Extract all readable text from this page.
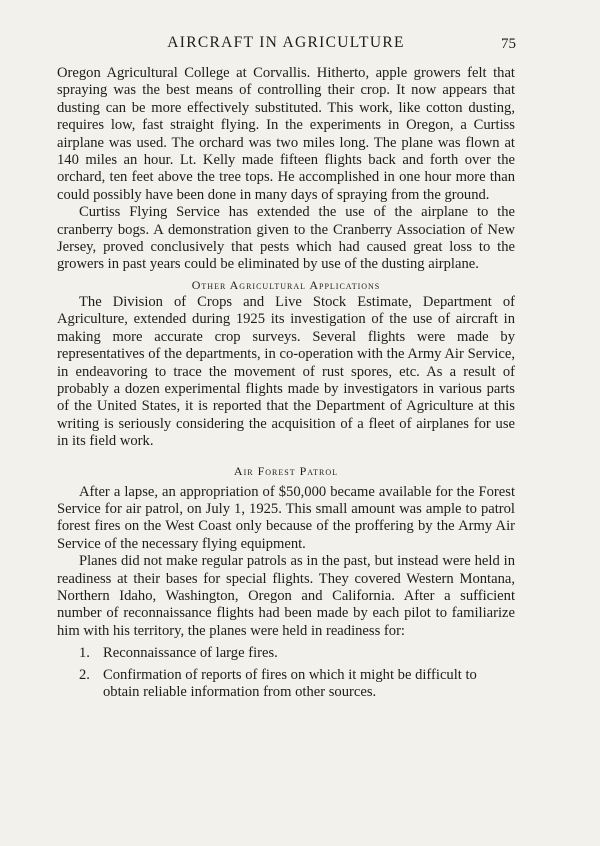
AIRCRAFT IN AGRICULTURE	75

Oregon Agricultural College at Corvallis. Hitherto, apple growers felt that spraying was the best means of controlling their crop. It now appears that dusting can be more effectively substituted. This work, like cotton dusting, requires low, fast straight flying. In the experiments in Oregon, a Curtiss airplane was used. The orchard was two miles long. The plane was flown at 140 miles an hour. Lt. Kelly made fifteen flights back and forth over the orchard, ten feet above the tree tops. He accomplished in one hour more than could possibly have been done in many days of spraying from the ground.

Curtiss Flying Service has extended the use of the airplane to the cranberry bogs. A demonstration given to the Cranberry Association of New Jersey, proved conclusively that pests which had caused great loss to the growers in past years could be eliminated by use of the dusting airplane.

Other Agricultural Applications

The Division of Crops and Live Stock Estimate, Department of Agriculture, extended during 1925 its investigation of the use of aircraft in making more accurate crop surveys. Several flights were made by representatives of the departments, in co-operation with the Army Air Service, in endeavoring to trace the movement of rust spores, etc. As a result of probably a dozen experimental flights made by investigators in various parts of the United States, it is reported that the Department of Agriculture at this writing is seriously considering the acquisition of a fleet of airplanes for use in its field work.

Air Forest Patrol

After a lapse, an appropriation of $50,000 became available for the Forest Service for air patrol, on July 1, 1925. This small amount was ample to patrol forest fires on the West Coast only because of the proffering by the Army Air Service of the necessary flying equipment.

Planes did not make regular patrols as in the past, but instead were held in readiness at their bases for special flights. They covered Western Montana, Northern Idaho, Washington, Oregon and California. After a sufficient number of reconnaissance flights had been made by each pilot to familiarize him with his territory, the planes were held in readiness for:

1. Reconnaissance of large fires.
2. Confirmation of reports of fires on which it might be difficult to obtain reliable information from other sources.
